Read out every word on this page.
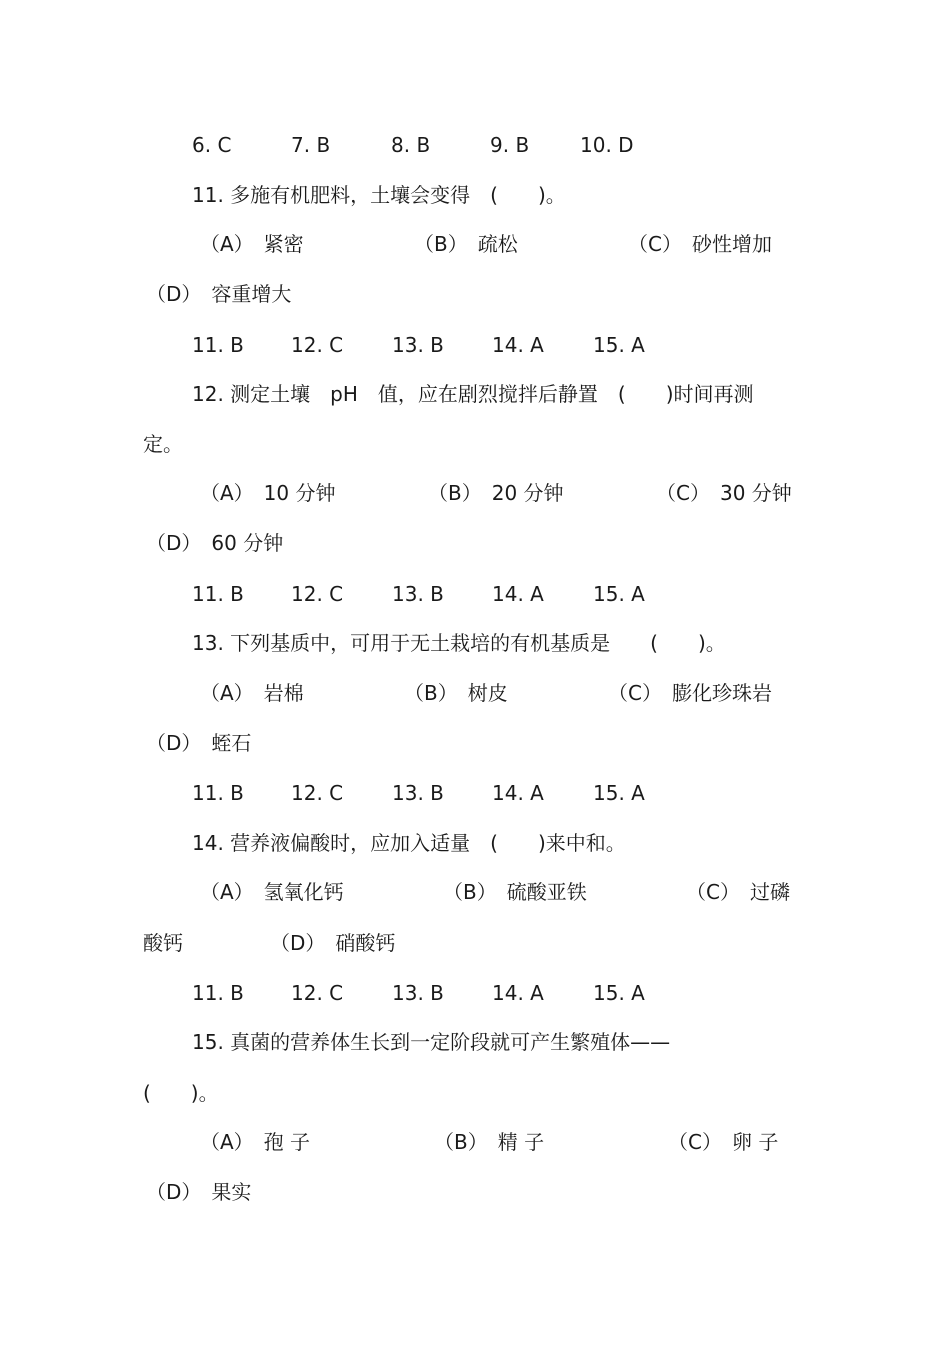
6. C	7. B	8. B	9. B	10. D
11. 多施有机肥料，土壤会变得　(　　)。
（A）　紧密	（B）　疏松	（C）　砂性增加
（D）　容重增大
11. B 12. C 13. B 14. A 15. A
12. 测定土壤　pH　值，应在剧烈搅拌后静置　(　　)时间再测
定。
（A）　10 分钟	（B）　20 分钟	（C）　30 分钟
（D）　60 分钟
11. B 12. C 13. B 14. A 15. A
13. 下列基质中，可用于无土栽培的有机基质是　　(　　)。
（A）　岩棉	（B）　树皮	（C）　膨化珍珠岩
（D）　蛭石
11. B 12. C 13. B 14. A 15. A
14. 营养液偏酸时，应加入适量　(　　)来中和。
（A）　氢氧化钙	（B）　硫酸亚铁	（C）　过磷
酸钙	（D）　硝酸钙
11. B 12. C 13. B 14. A 15. A
15. 真菌的营养体生长到一定阶段就可产生繁殖体——
(　　)。
（A）　孢 子	（B）　精 子	（C）　卵 子
（D）　果实
